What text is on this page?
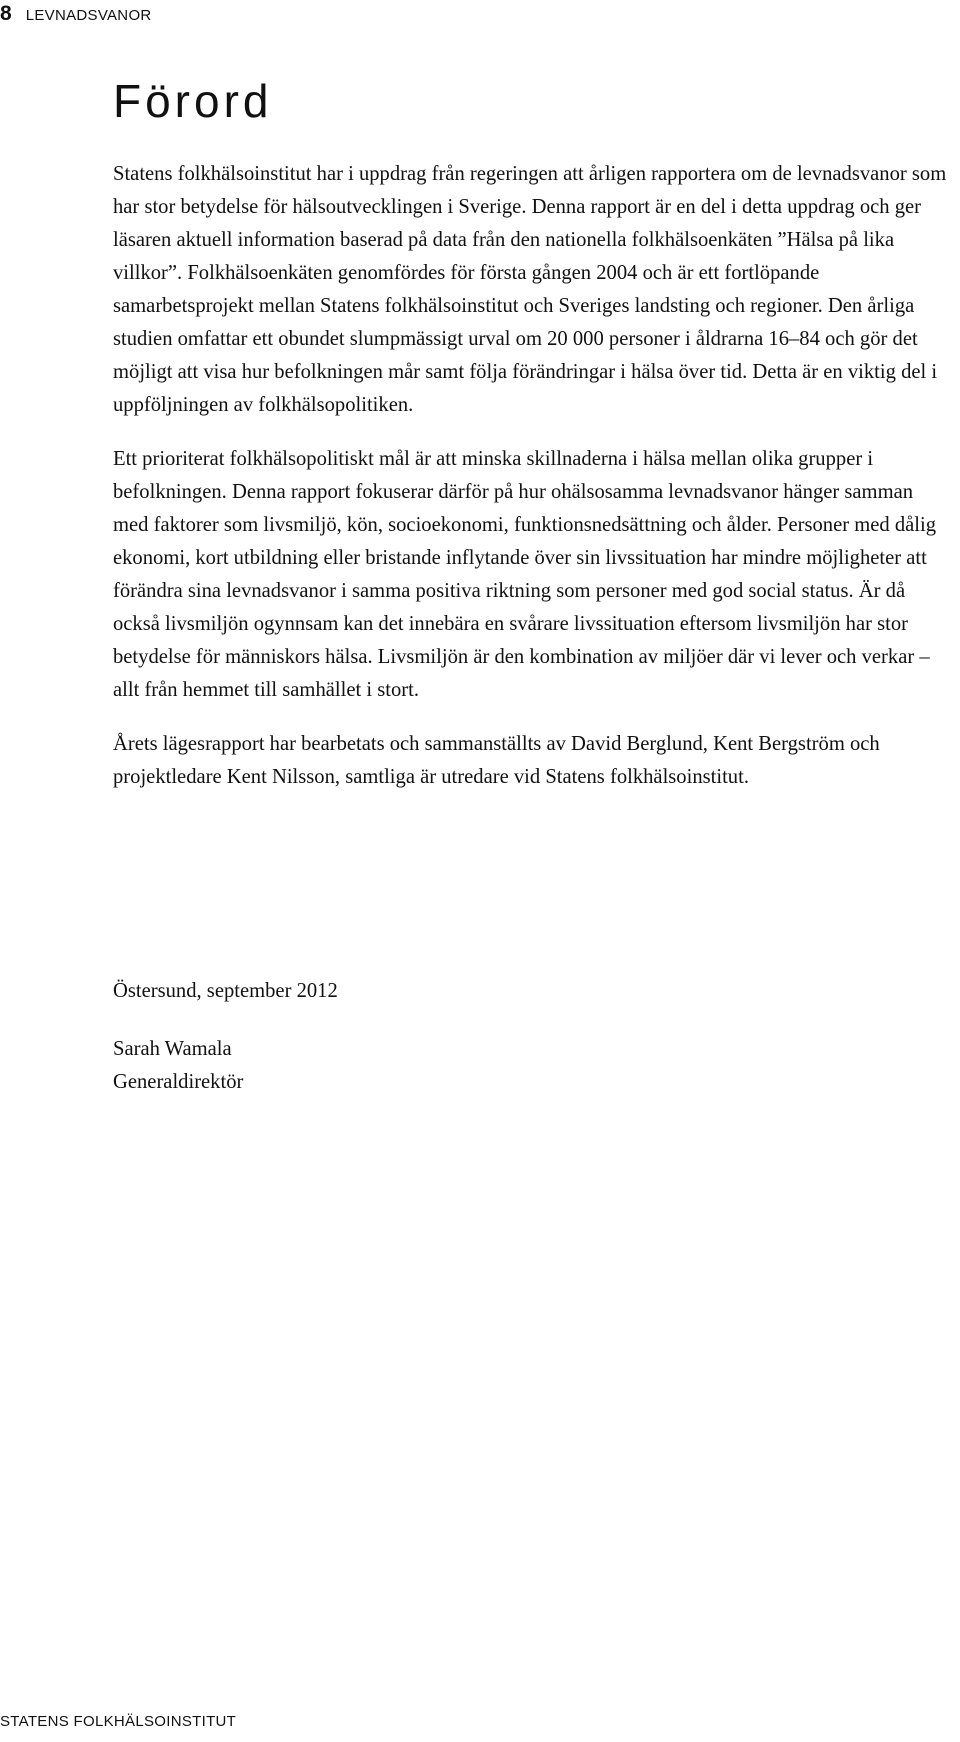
8 LEVNADSVANOR
Förord

Statens folkhälsoinstitut har i uppdrag från regeringen att årligen rapportera om de levnadsvanor som har stor betydelse för hälsoutvecklingen i Sverige. Denna rapport är en del i detta uppdrag och ger läsaren aktuell information baserad på data från den nationella folkhälsoenkäten ”Hälsa på lika villkor”. Folkhälsoenkäten genomfördes för första gången 2004 och är ett fortlöpande samarbetsprojekt mellan Statens folkhälsoinstitut och Sveriges landsting och regioner. Den årliga studien omfattar ett obundet slumpmässigt urval om 20 000 personer i åldrarna 16–84 och gör det möjligt att visa hur befolkningen mår samt följa förändringar i hälsa över tid. Detta är en viktig del i uppföljningen av folkhälsopolitiken.

Ett prioriterat folkhälsopolitiskt mål är att minska skillnaderna i hälsa mellan olika grupper i befolkningen. Denna rapport fokuserar därför på hur ohälsosamma levnadsvanor hänger samman med faktorer som livsmiljö, kön, socioekonomi, funktionsnedsättning och ålder. Personer med dålig ekonomi, kort utbildning eller bristande inflytande över sin livssituation har mindre möjligheter att förändra sina levnadsvanor i samma positiva riktning som personer med god social status. Är då också livsmiljön ogynnsam kan det innebära en svårare livssituation eftersom livsmiljön har stor betydelse för människors hälsa. Livsmiljön är den kombination av miljöer där vi lever och verkar – allt från hemmet till samhället i stort.

Årets lägesrapport har bearbetats och sammanställts av David Berglund, Kent Bergström och projektledare Kent Nilsson, samtliga är utredare vid Statens folkhälsoinstitut.

Östersund, september 2012
Sarah Wamala
Generaldirektör
STATENS FOLKHÄLSOINSTITUT
